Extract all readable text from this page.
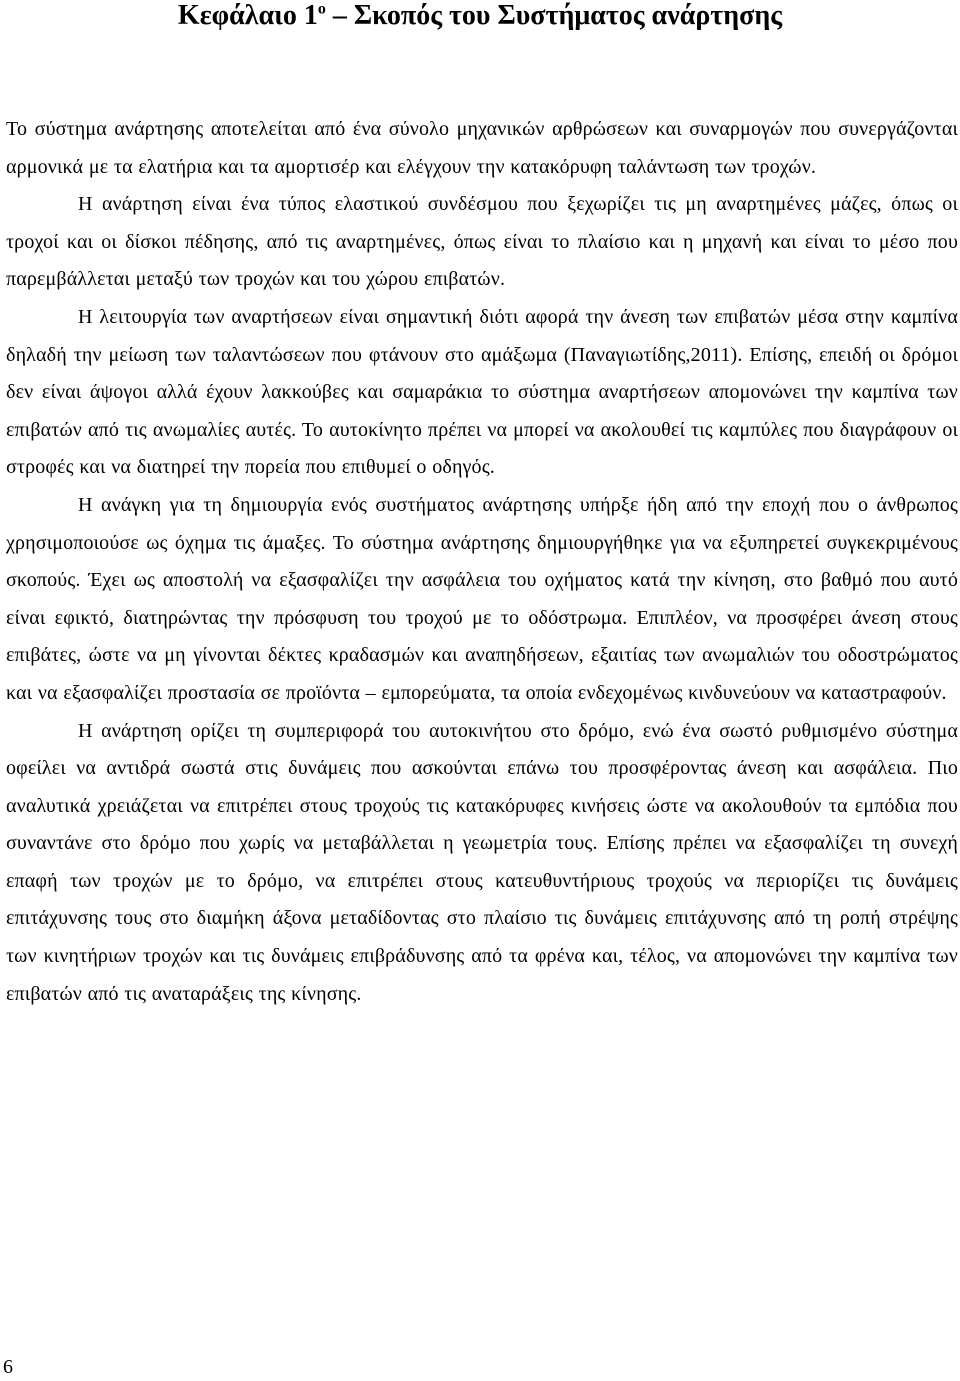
Κεφάλαιο $1^o$ – Σκοπός του Συστήματος ανάρτησης

Το σύστημα ανάρτησης αποτελείται από ένα σύνολο μηχανικών αρθρώσεων και συναρμογών που συνεργάζονται αρμονικά με τα ελατήρια και τα αμορτισέρ και ελέγχουν την κατακόρυφη ταλάντωση των τροχών.

Η ανάρτηση είναι ένα τύπος ελαστικού συνδέσμου που ξεχωρίζει τις μη αναρτημένες μάζες, όπως οι τροχοί και οι δίσκοι πέδησης, από τις αναρτημένες, όπως είναι το πλαίσιο και η μηχανή και είναι το μέσο που παρεμβάλλεται μεταξύ των τροχών και του χώρου επιβατών.

Η λειτουργία των αναρτήσεων είναι σημαντική διότι αφορά την άνεση των επιβατών μέσα στην καμπίνα δηλαδή την μείωση των ταλαντώσεων που φτάνουν στο αμάξωμα (Παναγιωτίδης,2011). Επίσης, επειδή οι δρόμοι δεν είναι άψογοι αλλά έχουν λακκούβες και σαμαράκια το σύστημα αναρτήσεων απομονώνει την καμπίνα των επιβατών από τις ανωμαλίες αυτές. Το αυτοκίνητο πρέπει να μπορεί να ακολουθεί τις καμπύλες που διαγράφουν οι στροφές και να διατηρεί την πορεία που επιθυμεί ο οδηγός.

Η ανάγκη για τη δημιουργία ενός συστήματος ανάρτησης υπήρξε ήδη από την εποχή που ο άνθρωπος χρησιμοποιούσε ως όχημα τις άμαξες. Το σύστημα ανάρτησης δημιουργήθηκε για να εξυπηρετεί συγκεκριμένους σκοπούς. Έχει ως αποστολή να εξασφαλίζει την ασφάλεια του οχήματος κατά την κίνηση, στο βαθμό που αυτό είναι εφικτό, διατηρώντας την πρόσφυση του τροχού με το οδόστρωμα. Επιπλέον, να προσφέρει άνεση στους επιβάτες, ώστε να μη γίνονται δέκτες κραδασμών και αναπηδήσεων, εξαιτίας των ανωμαλιών του οδοστρώματος και να εξασφαλίζει προστασία σε προϊόντα – εμπορεύματα, τα οποία ενδεχομένως κινδυνεύουν να καταστραφούν.

Η ανάρτηση ορίζει τη συμπεριφορά του αυτοκινήτου στο δρόμο, ενώ ένα σωστό ρυθμισμένο σύστημα οφείλει να αντιδρά σωστά στις δυνάμεις που ασκούνται επάνω του προσφέροντας άνεση και ασφάλεια. Πιο αναλυτικά χρειάζεται να επιτρέπει στους τροχούς τις κατακόρυφες κινήσεις ώστε να ακολουθούν τα εμπόδια που συναντάνε στο δρόμο που χωρίς να μεταβάλλεται η γεωμετρία τους. Επίσης πρέπει να εξασφαλίζει τη συνεχή επαφή των τροχών με το δρόμο, να επιτρέπει στους κατευθυντήριους τροχούς να περιορίζει τις δυνάμεις επιτάχυνσης τους στο διαμήκη άξονα μεταδίδοντας στο πλαίσιο τις δυνάμεις επιτάχυνσης από τη ροπή στρέψης των κινητήριων τροχών και τις δυνάμεις επιβράδυνσης από τα φρένα και, τέλος, να απομονώνει την καμπίνα των επιβατών από τις αναταράξεις της κίνησης.

6
